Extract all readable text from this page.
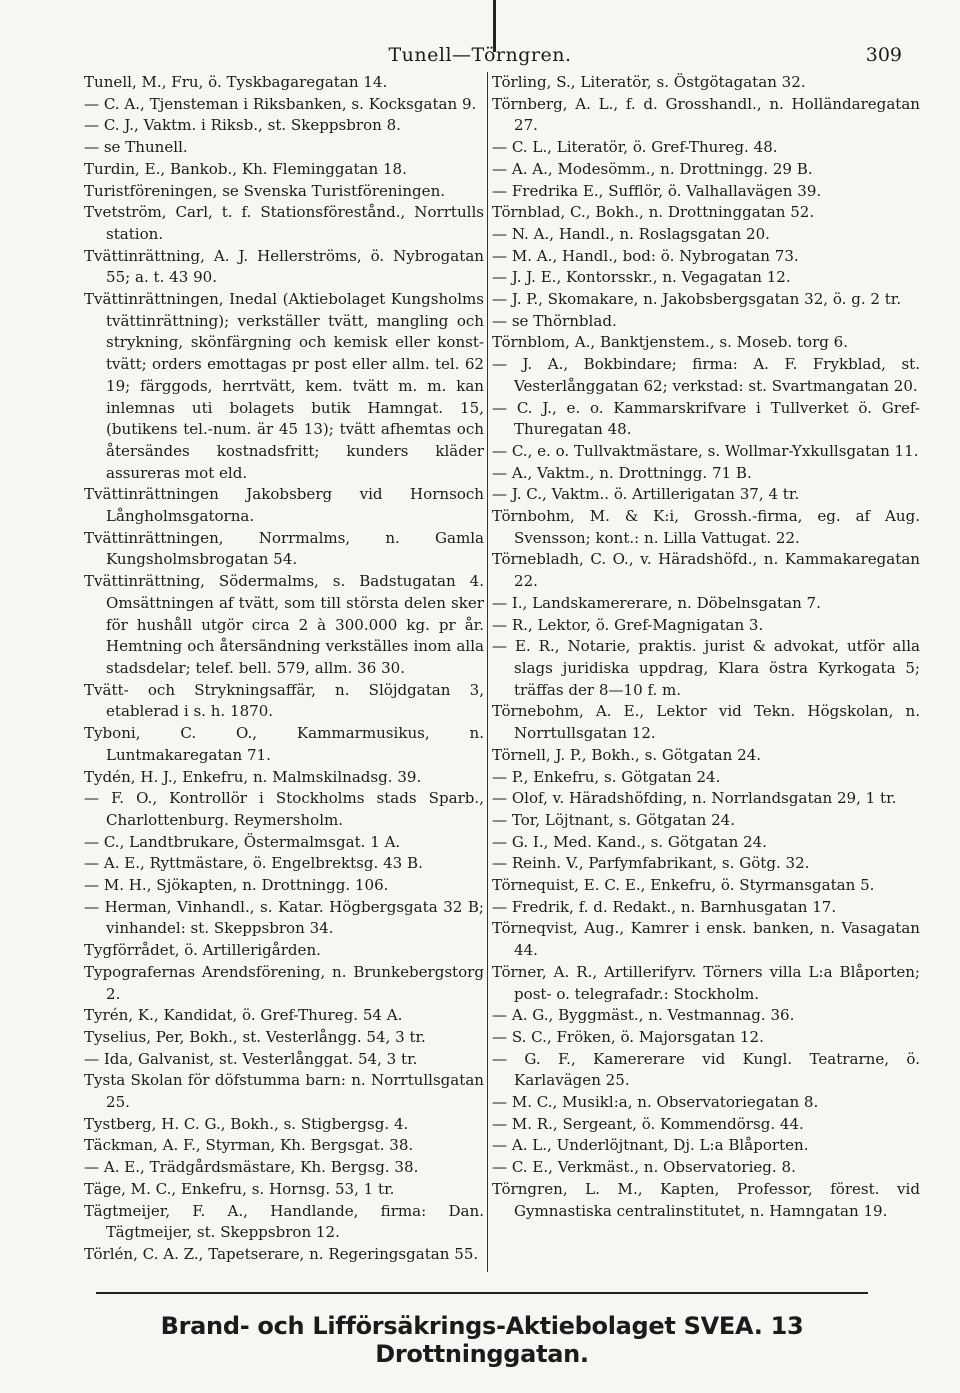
Tunell—Törngren.	309
Tunell, M., Fru, ö. Tyskbagaregatan 14.
— C. A., Tjensteman i Riksbanken, s. Kocksgatan 9.
— C. J., Vaktm. i Riksb., st. Skeppsbron 8.
— se Thunell.
Turdin, E., Bankob., Kh. Fleminggatan 18.
Turistföreningen, se Svenska Turistföreningen.
Tvetström, Carl, t. f. Stationsförestånd., Norrtulls station.
Tvättinrättning, A. J. Hellerströms, ö. Nybrogatan 55; a. t. 43 90.
Tvättinrättningen, Inedal (Aktiebolaget Kungsholms tvättinrättning); verkställer tvätt, mangling och strykning, skönfärgning och kemisk eller konst-tvätt; orders emottagas pr post eller allm. tel. 62 19; färggods, herrtvätt, kem. tvätt m. m. kan inlemnas uti bolagets butik Hamngat. 15, (butikens tel.-num. är 45 13); tvätt afhemtas och återsändes kostnadsfritt; kunders kläder assureras mot eld.
Tvättinrättningen Jakobsberg vid Hornsoch Långholmsgatorna.
Tvättinrättningen, Norrmalms, n. Gamla Kungsholmsbrogatan 54.
Tvättinrättning, Södermalms, s. Badstugatan 4. Omsättningen af tvätt, som till största delen sker för hushåll utgör circa 2 à 300.000 kg. pr år. Hemtning och återsändning verkställes inom alla stadsdelar; telef. bell. 579, allm. 36 30.
Tvätt- och Strykningsaffär, n. Slöjdgatan 3, etablerad i s. h. 1870.
Tyboni, C. O., Kammarmusikus, n. Luntmakaregatan 71.
Tydén, H. J., Enkefru, n. Malmskilnadsg. 39.
— F. O., Kontrollör i Stockholms stads Sparb., Charlottenburg. Reymersholm.
— C., Landtbrukare, Östermalmsgat. 1 A.
— A. E., Ryttmästare, ö. Engelbrektsg. 43 B.
— M. H., Sjökapten, n. Drottningg. 106.
— Herman, Vinhandl., s. Katar. Högbergsgata 32 B; vinhandel: st. Skeppsbron 34.
Tygförrådet, ö. Artillerigården.
Typografernas Arendsförening, n. Brunkebergstorg 2.
Tyrén, K., Kandidat, ö. Gref-Thureg. 54 A.
Tyselius, Per, Bokh., st. Vesterlångg. 54, 3 tr.
— Ida, Galvanist, st. Vesterlånggat. 54, 3 tr.
Tysta Skolan för döfstumma barn: n. Norrtullsgatan 25.
Tystberg, H. C. G., Bokh., s. Stigbergsg. 4.
Täckman, A. F., Styrman, Kh. Bergsgat. 38.
— A. E., Trädgårdsmästare, Kh. Bergsg. 38.
Täge, M. C., Enkefru, s. Hornsg. 53, 1 tr.
Tägtmeijer, F. A., Handlande, firma: Dan. Tägtmeijer, st. Skeppsbron 12.
Törlén, C. A. Z., Tapetserare, n. Regeringsgatan 55.
Törling, S., Literatör, s. Östgötagatan 32.
Törnberg, A. L., f. d. Grosshandl., n. Holländaregatan 27.
— C. L., Literatör, ö. Gref-Thureg. 48.
— A. A., Modesömm., n. Drottningg. 29 B.
— Fredrika E., Sufflör, ö. Valhallavägen 39.
Törnblad, C., Bokh., n. Drottninggatan 52.
— N. A., Handl., n. Roslagsgatan 20.
— M. A., Handl., bod: ö. Nybrogatan 73.
— J. J. E., Kontorsskr., n. Vegagatan 12.
— J. P., Skomakare, n. Jakobsbergsgatan 32, ö. g. 2 tr.
— se Thörnblad.
Törnblom, A., Banktjenstem., s. Moseb. torg 6.
— J. A., Bokbindare; firma: A. F. Frykblad, st. Vesterlånggatan 62; verkstad: st. Svartmangatan 20.
— C. J., e. o. Kammarskrifvare i Tullverket ö. Gref-Thuregatan 48.
— C., e. o. Tullvaktmästare, s. Wollmar-Yxkullsgatan 11.
— A., Vaktm., n. Drottningg. 71 B.
— J. C., Vaktm.. ö. Artillerigatan 37, 4 tr.
Törnbohm, M. & K:i, Grossh.-firma, eg. af Aug. Svensson; kont.: n. Lilla Vattugat. 22.
Törnebladh, C. O., v. Häradshöfd., n. Kammakaregatan 22.
— I., Landskamererare, n. Döbelnsgatan 7.
— R., Lektor, ö. Gref-Magnigatan 3.
— E. R., Notarie, praktis. jurist & advokat, utför alla slags juridiska uppdrag, Klara östra Kyrkogata 5; träffas der 8—10 f. m.
Törnebohm, A. E., Lektor vid Tekn. Högskolan, n. Norrtullsgatan 12.
Törnell, J. P., Bokh., s. Götgatan 24.
— P., Enkefru, s. Götgatan 24.
— Olof, v. Häradshöfding, n. Norrlandsgatan 29, 1 tr.
— Tor, Löjtnant, s. Götgatan 24.
— G. I., Med. Kand., s. Götgatan 24.
— Reinh. V., Parfymfabrikant, s. Götg. 32.
Törnequist, E. C. E., Enkefru, ö. Styrmansgatan 5.
— Fredrik, f. d. Redakt., n. Barnhusgatan 17.
Törneqvist, Aug., Kamrer i ensk. banken, n. Vasagatan 44.
Törner, A. R., Artillerifyrv. Törners villa L:a Blåporten; post- o. telegrafadr.: Stockholm.
— A. G., Byggmäst., n. Vestmannag. 36.
— S. C., Fröken, ö. Majorsgatan 12.
— G. F., Kamererare vid Kungl. Teatrarne, ö. Karlavägen 25.
— M. C., Musikl:a, n. Observatoriegatan 8.
— M. R., Sergeant, ö. Kommendörsg. 44.
— A. L., Underlöjtnant, Dj. L:a Blåporten.
— C. E., Verkmäst., n. Observatorieg. 8.
Törngren, L. M., Kapten, Professor, förest. vid Gymnastiska centralinstitutet, n. Hamngatan 19.
Brand- och Lifförsäkrings-Aktiebolaget SVEA. 13 Drottninggatan.
